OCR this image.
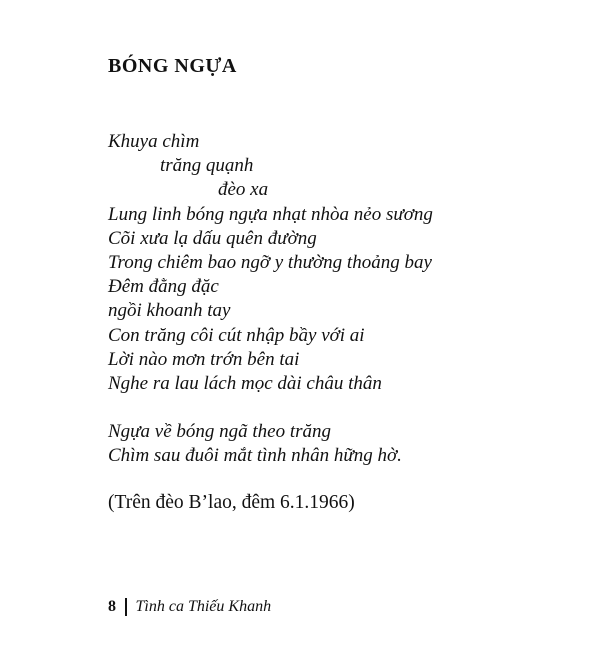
BÓNG NGỰA
Khuya chìm
trăng quạnh
đèo xa
Lung linh bóng ngựa nhạt nhòa nẻo sương
Cõi xưa lạ dấu quên đường
Trong chiêm bao ngỡ y thường thoảng bay
Đêm đằng đặc
ngồi khoanh tay
Con trăng côi cút nhập bầy với ai
Lời nào mơn trớn bên tai
Nghe ra lau lách mọc dài châu thân
Ngựa về bóng ngã theo trăng
Chìm sau đuôi mắt tình nhân hững hờ.
(Trên đèo B’lao, đêm 6.1.1966)
8 Tình ca Thiếu Khanh
